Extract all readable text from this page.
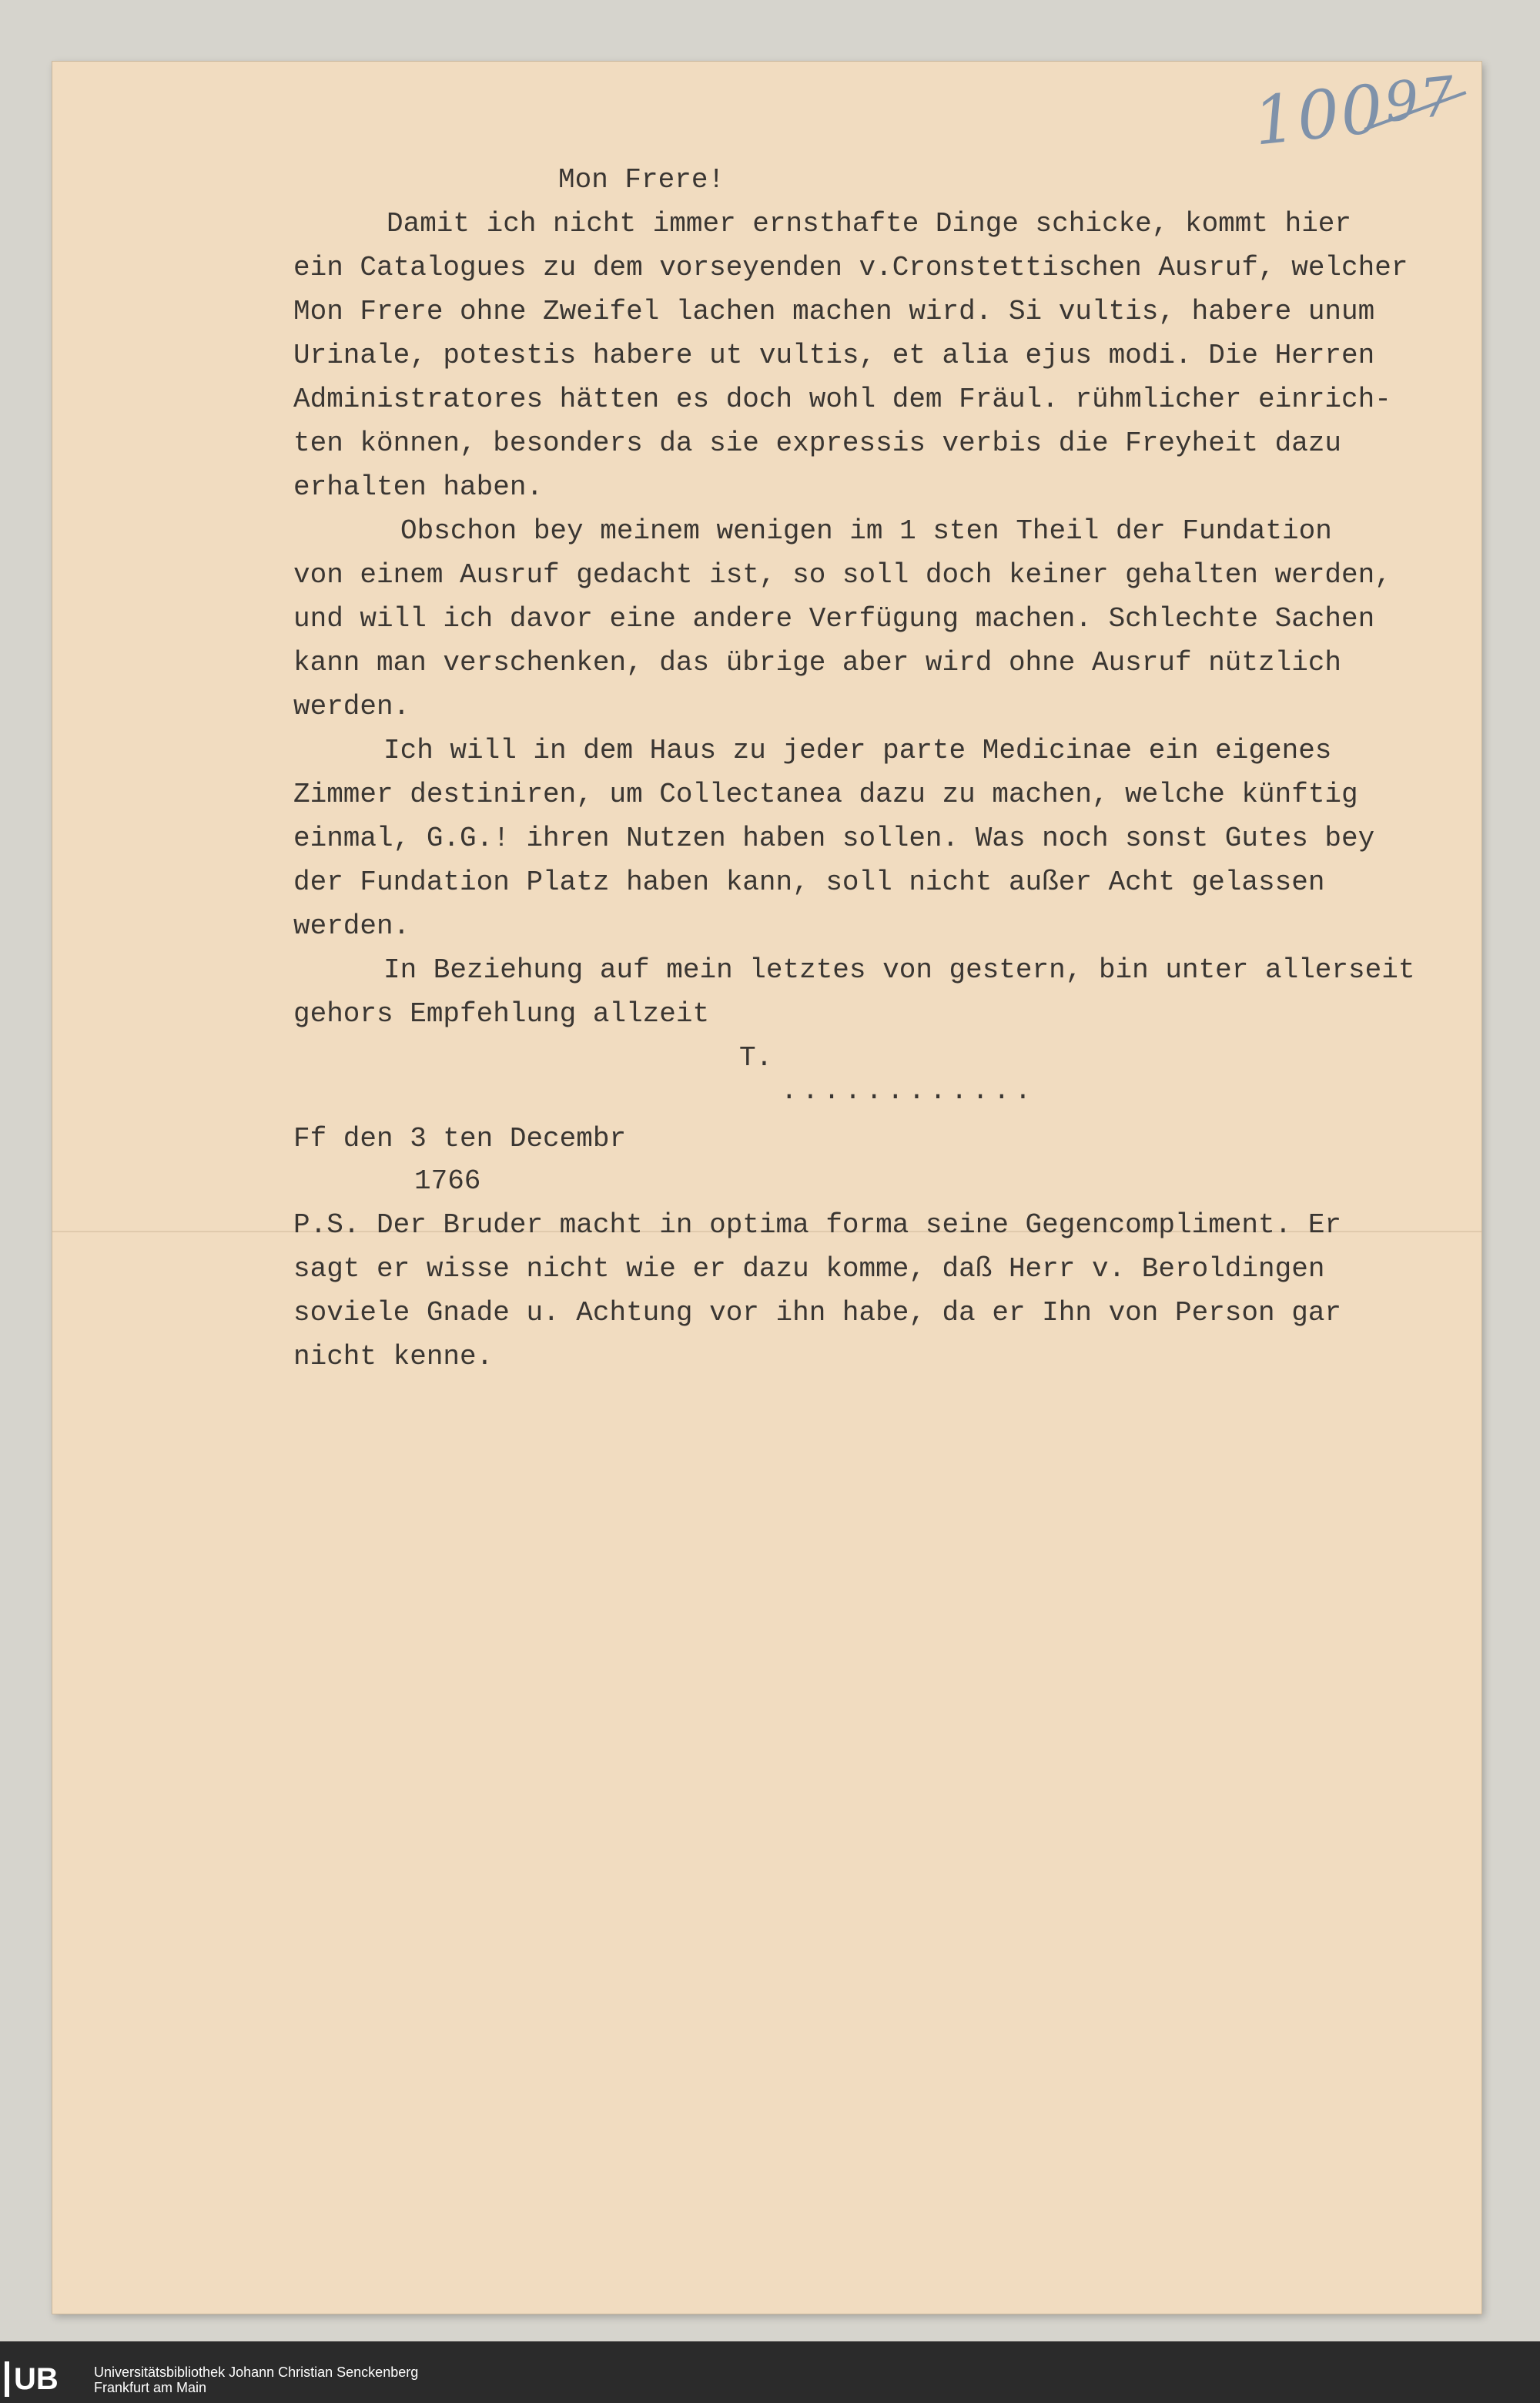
100
97

Mon Frere!

Damit ich nicht immer ernsthafte Dinge schicke, kommt hier

ein Catalogues zu dem vorseyenden v.Cronstettischen Ausruf, welcher

Mon Frere ohne Zweifel lachen machen wird. Si vultis, habere unum

Urinale, potestis habere ut vultis, et alia ejus modi. Die Herren

Administratores hätten es doch wohl dem Fräul. rühmlicher einrich-

ten können, besonders da sie expressis verbis die Freyheit dazu

erhalten haben.

Obschon bey meinem wenigen im 1 sten Theil der Fundation

von einem Ausruf gedacht ist, so soll doch keiner gehalten werden,

und will ich davor eine andere Verfügung machen. Schlechte Sachen

kann man verschenken, das übrige aber wird ohne Ausruf nützlich

werden.

Ich will in dem Haus zu jeder parte Medicinae ein eigenes

Zimmer destiniren, um Collectanea dazu zu machen, welche künftig

einmal, G.G.! ihren Nutzen haben sollen. Was noch sonst Gutes bey

der Fundation Platz haben kann, soll nicht außer Acht gelassen

werden.

In Beziehung auf mein letztes von gestern, bin unter allerseit

gehors Empfehlung allzeit

T.

Ff den 3 ten Decembr

1766

P.S. Der Bruder macht in optima forma seine Gegencompliment. Er

sagt er wisse nicht wie er dazu komme, daß Herr v. Beroldingen

soviele Gnade u. Achtung vor ihn habe, da er Ihn von Person gar

nicht kenne.

............
UB	Universitätsbibliothek Johann Christian Senckenberg
Frankfurt am Main
